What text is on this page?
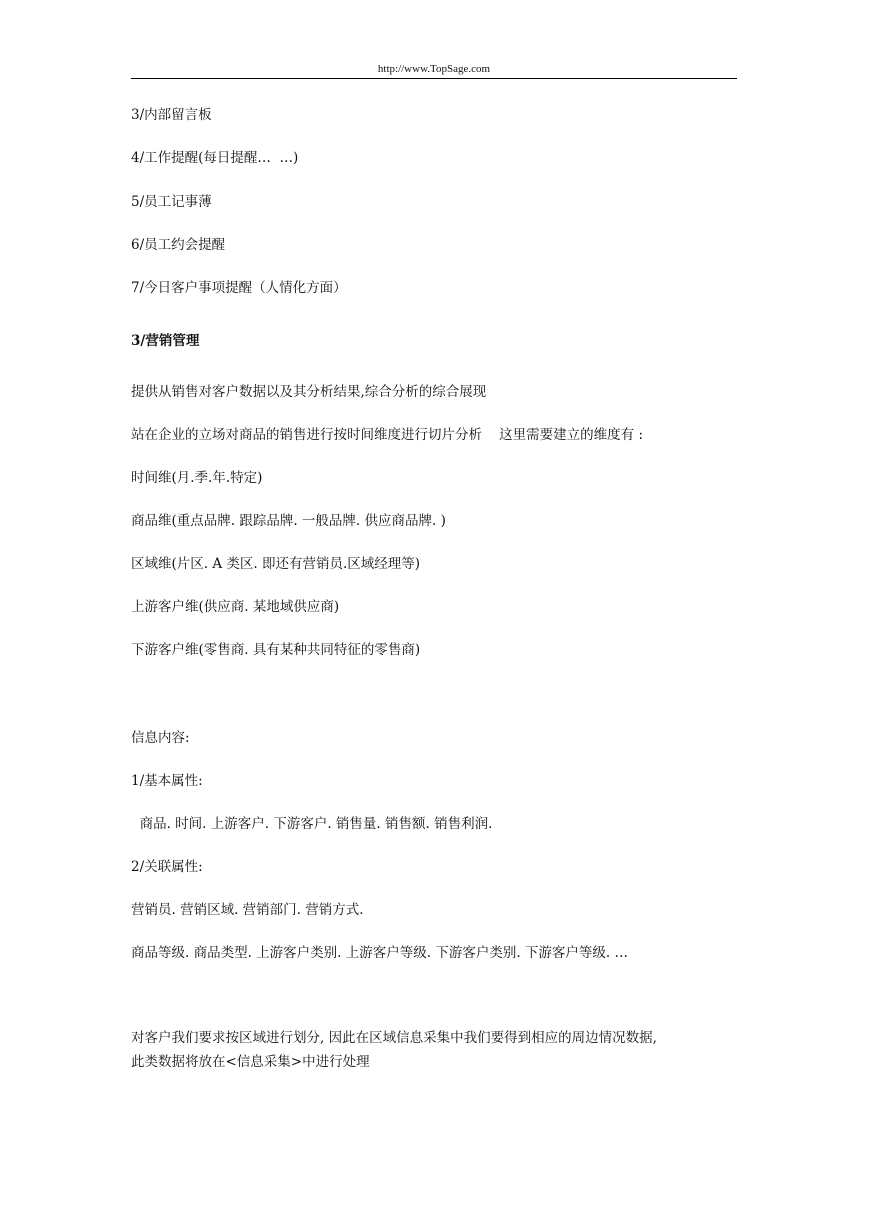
http://www.TopSage.com
3/内部留言板
4/工作提醒(每日提醒…  …)
5/员工记事薄
6/员工约会提醒
7/今日客户事项提醒（人情化方面）
3/营销管理
提供从销售对客户数据以及其分析结果,综合分析的综合展现
站在企业的立场对商品的销售进行按时间维度进行切片分析    这里需要建立的维度有 :
时间维(月.季.年.特定)
商品维(重点品牌. 跟踪品牌. 一般品牌. 供应商品牌. )
区域维(片区. A 类区. 即还有营销员.区域经理等)
上游客户维(供应商. 某地域供应商)
下游客户维(零售商. 具有某种共同特征的零售商)
信息内容:
1/基本属性:
商品. 时间. 上游客户. 下游客户. 销售量. 销售额. 销售利润.
2/关联属性:
营销员. 营销区域. 营销部门. 营销方式.
商品等级. 商品类型. 上游客户类别. 上游客户等级. 下游客户类别. 下游客户等级. …
对客户我们要求按区域进行划分, 因此在区域信息采集中我们要得到相应的周边情况数据,
此类数据将放在<信息采集>中进行处理
